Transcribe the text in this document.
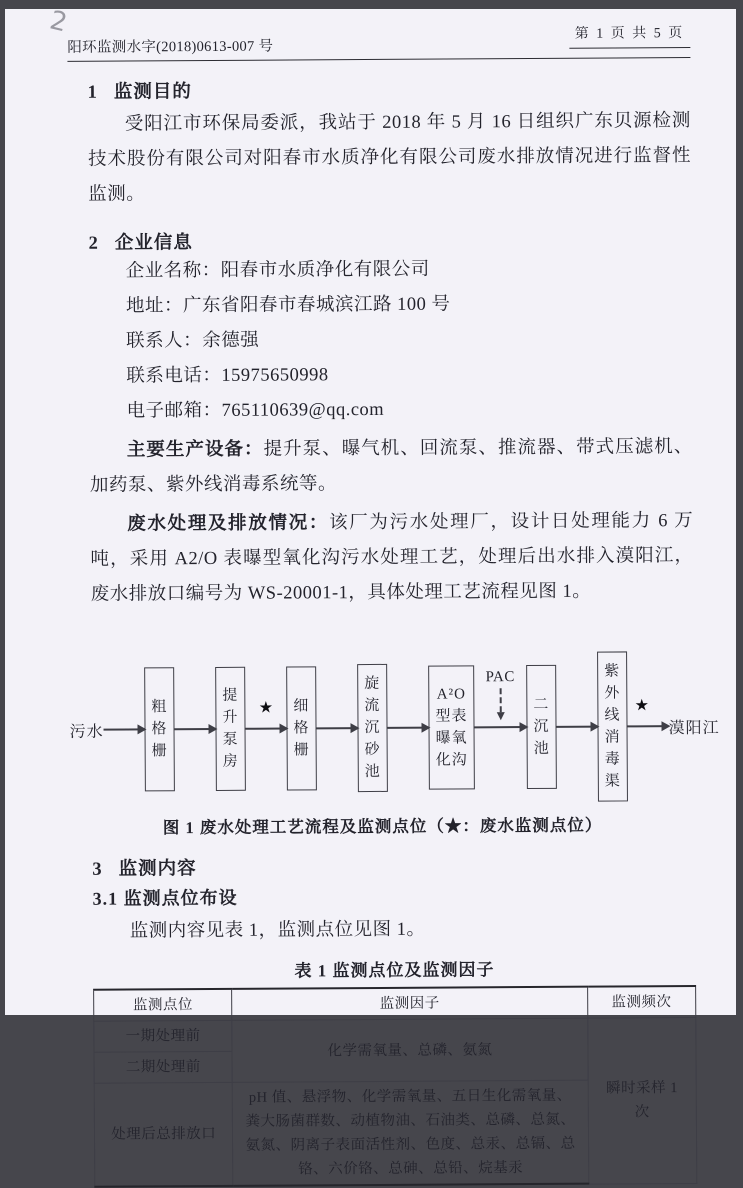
2
阳环监测水字(2018)0613-007 号
第 1 页 共 5 页
1 监测目的

受阳江市环保局委派，我站于 2018 年 5 月 16 日组织广东贝源检测技术股份有限公司对阳春市水质净化有限公司废水排放情况进行监督性监测。

2 企业信息
企业名称：阳春市水质净化有限公司
地址：广东省阳春市春城滨江路 100 号
联系人：余德强
联系电话：15975650998
电子邮箱：765110639@qq.com

主要生产设备：提升泵、曝气机、回流泵、推流器、带式压滤机、加药泵、紫外线消毒系统等。

废水处理及排放情况：该厂为污水处理厂，设计日处理能力 6 万吨，采用 A2/O 表曝型氧化沟污水处理工艺，处理后出水排入漠阳江，废水排放口编号为 WS-20001-1，具体处理工艺流程见图 1。

污水
粗
格
栅
提
升
泵
房
★	细
格
栅
旋
流
沉
砂
池
A²O
型表
曝氧
化沟
PAC
二
沉
池
紫
外
线
消
毒
渠
★
漠阳江
图 1 废水处理工艺流程及监测点位（★：废水监测点位）
3 监测内容
3.1 监测点位布设

监测内容见表 1，监测点位见图 1。

表 1 监测点位及监测因子
监测点位	监测因子	监测频次
一期处理前	化学需氧量、总磷、氨氮	瞬时采样 1 次
二期处理前		
处理后总排放口	pH 值、悬浮物、化学需氧量、五日生化需氧量、粪大肠菌群数、动植物油、石油类、总磷、总氮、氨氮、阴离子表面活性剂、色度、总汞、总镉、总铬、六价铬、总砷、总铅、烷基汞	
